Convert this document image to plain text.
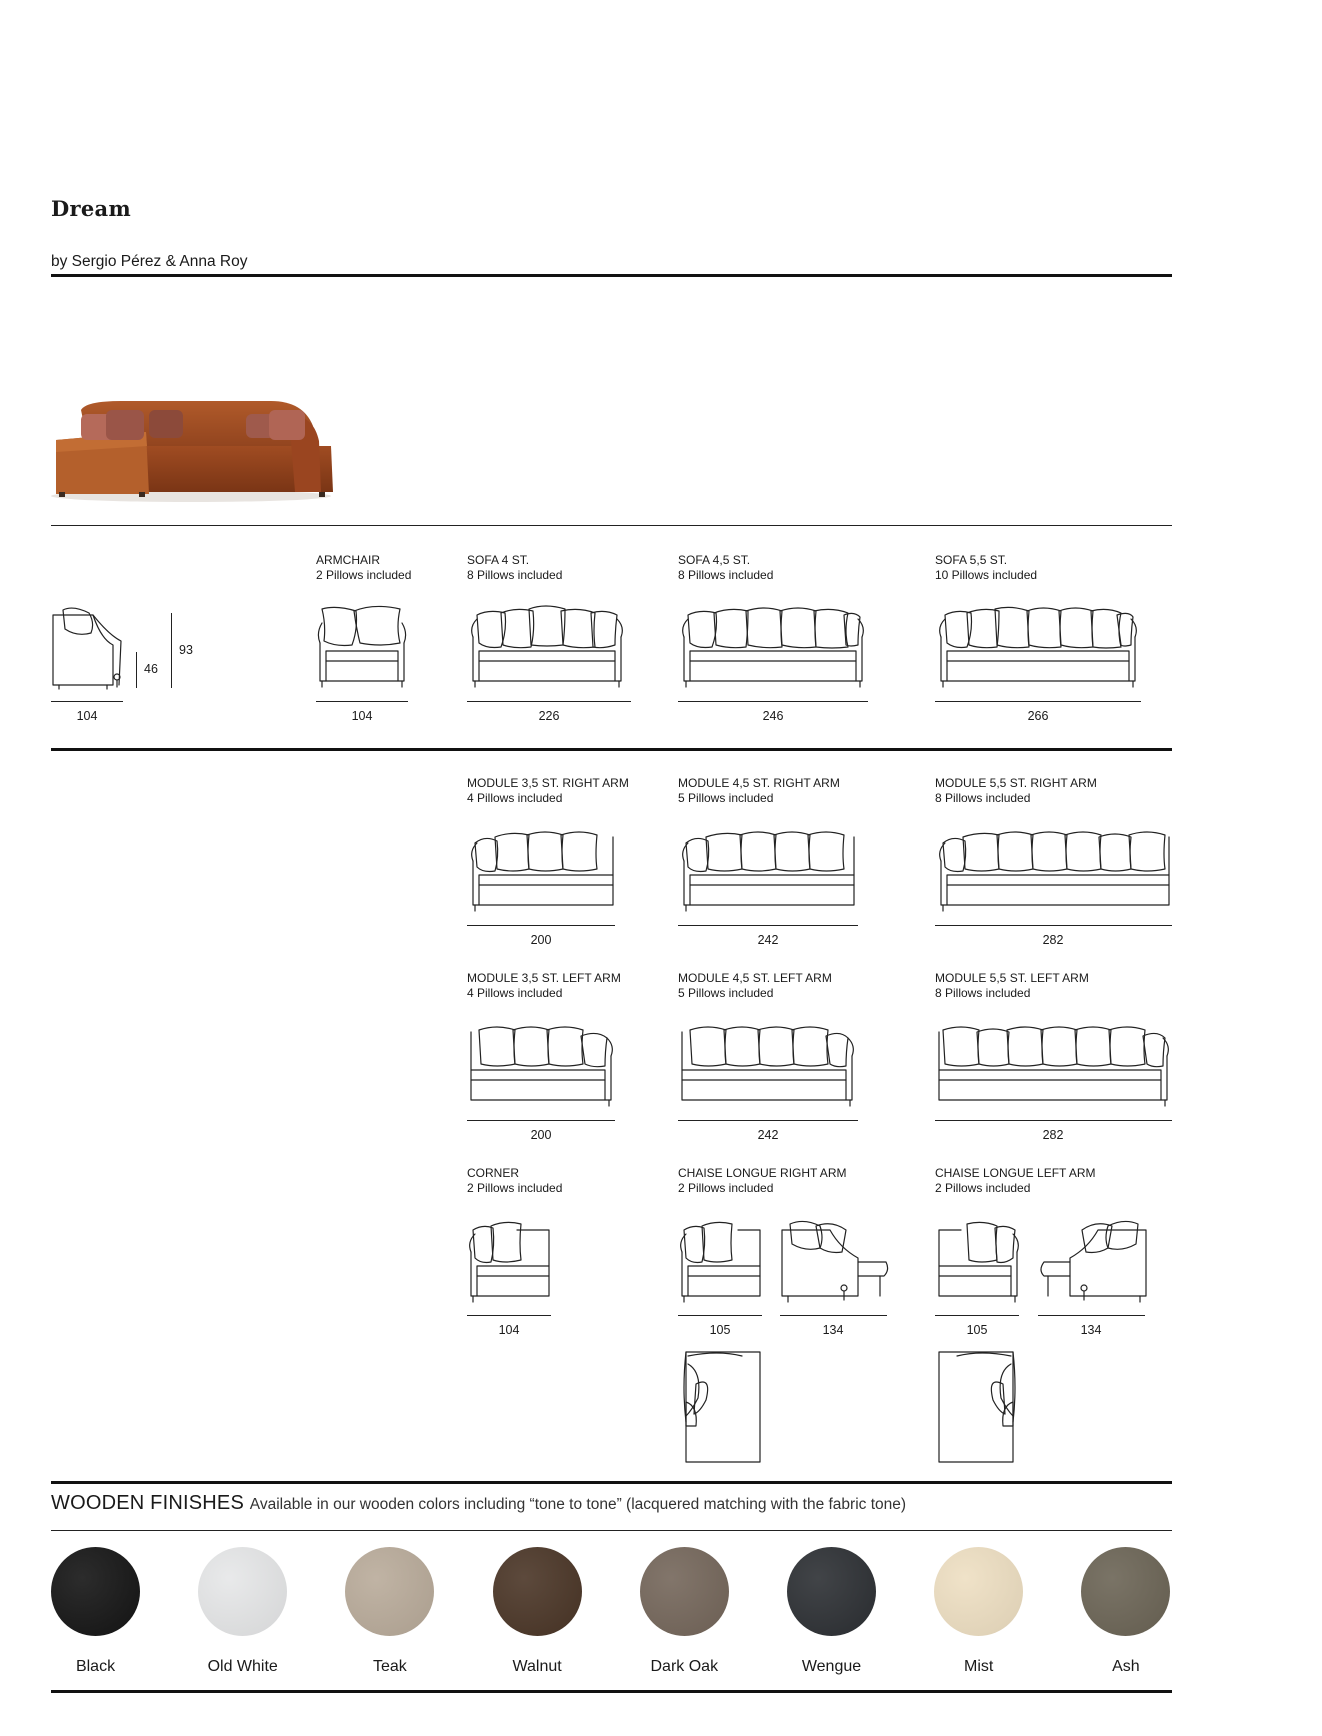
Dream
by Sergio Pérez & Anna Roy
46
93
104
ARMCHAIR
2 Pillows included
104
SOFA 4 ST.
8 Pillows included
226
SOFA 4,5 ST.
8 Pillows included
246
SOFA 5,5 ST.
10 Pillows included
266
MODULE 3,5 ST. RIGHT ARM
4 Pillows included
200
MODULE 4,5 ST. RIGHT ARM
5 Pillows included
242
MODULE 5,5 ST. RIGHT ARM
8 Pillows included
282
MODULE 3,5 ST. LEFT ARM
4 Pillows included
200
MODULE 4,5 ST. LEFT ARM
5 Pillows included
242
MODULE 5,5 ST. LEFT ARM
8 Pillows included
282
CORNER
2 Pillows included
104
CHAISE LONGUE RIGHT ARM
2 Pillows included
105	134
CHAISE LONGUE LEFT ARM
2 Pillows included
105	134
WOODEN FINISHES Available in our wooden colors including “tone to tone” (lacquered matching with the fabric tone)
Black	Old White	Teak	Walnut	Dark Oak	Wengue	Mist	Ash
